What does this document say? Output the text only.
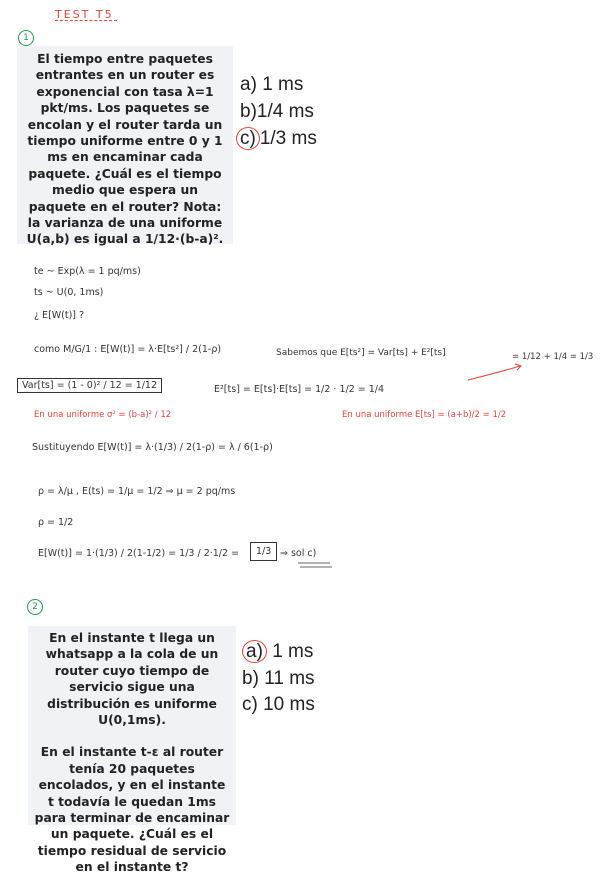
TEST T5
1
El tiempo entre paquetes entrantes en un router es exponencial con tasa λ=1 pkt/ms. Los paquetes se encolan y el router tarda un tiempo uniforme entre 0 y 1 ms en encaminar cada paquete. ¿Cuál es el tiempo medio que espera un paquete en el router? Nota: la varianza de una uniforme U(a,b) es igual a 1/12·(b-a)².
a) 1 ms
b)1/4 ms
c) 1/3 ms
te ~ Exp(λ = 1 pq/ms)
ts ~ U(0, 1ms)
¿ E[W(t)] ?
como M/G/1 : E[W(t)] = λ·E[ts²] / 2(1-ρ)	Sabemos que E[ts²] = Var[ts] + E²[ts]	= 1/12 + 1/4 = 1/3
Var[ts] = (1 - 0)² / 12 = 1/12	E²[ts] = E[ts]·E[ts] = 1/2 · 1/2 = 1/4
En una uniforme σ² = (b-a)² / 12	En una uniforme E[ts] = (a+b)/2 = 1/2
Sustituyendo E[W(t)] = λ·(1/3) / 2(1-ρ) = λ / 6(1-ρ)
ρ = λ/μ , E(ts) = 1/μ = 1/2 ⇒ μ = 2 pq/ms
ρ = 1/2
E[W(t)] = 1·(1/3) / 2(1-1/2) = 1/3 / 2·1/2 =	1/3 ⇒ sol c)
2
En el instante t llega un whatsapp a la cola de un router cuyo tiempo de servicio sigue una distribución es uniforme U(0,1ms).
En el instante t-ε al router tenía 20 paquetes encolados, y en el instante t todavía le quedan 1ms para terminar de encaminar un paquete. ¿Cuál es el tiempo residual de servicio en el instante t?
a) 1 ms
b) 11 ms
c) 10 ms
